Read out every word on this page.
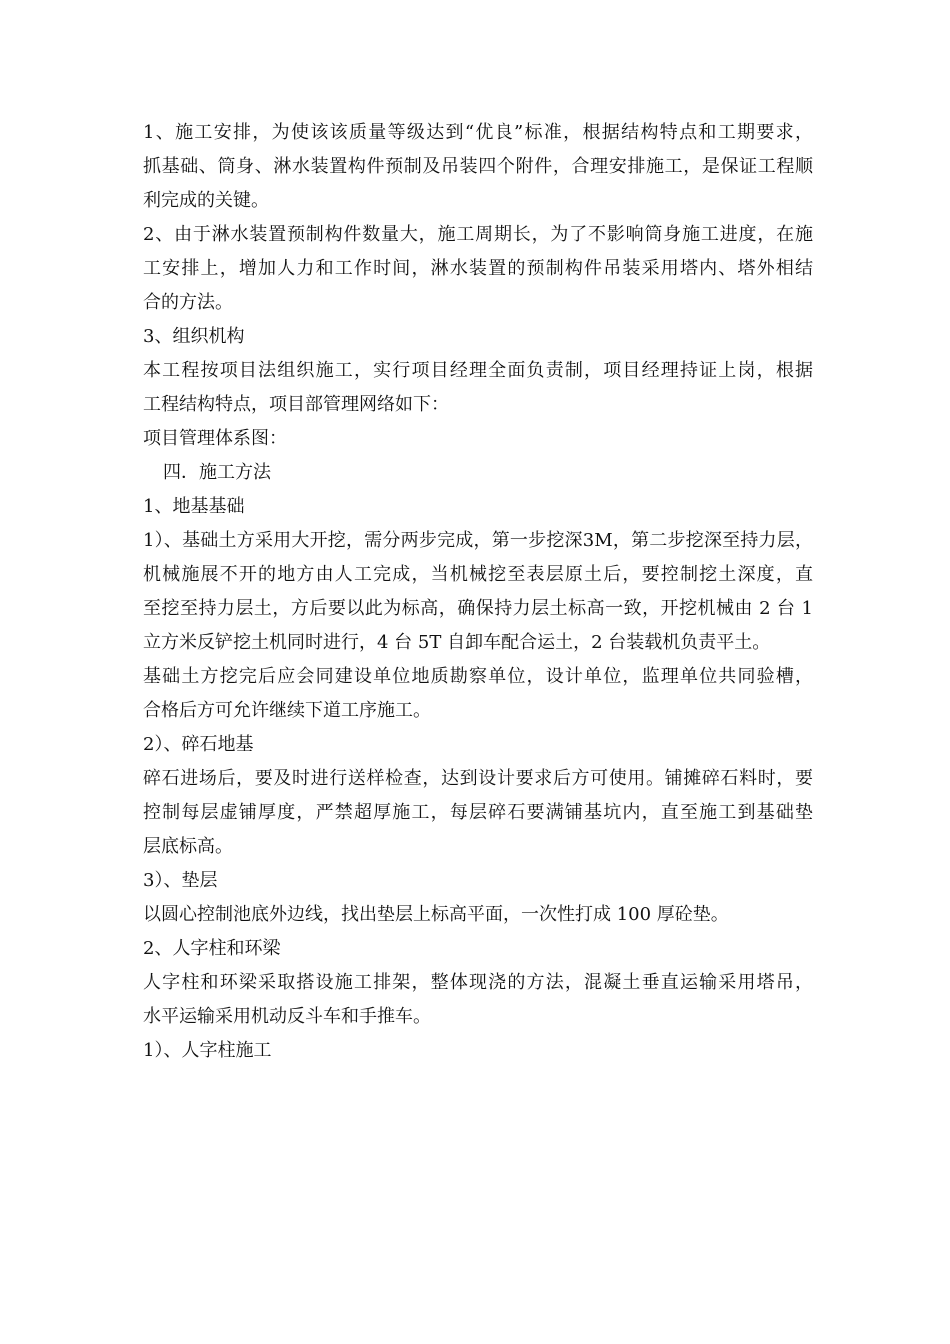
1、施工安排，为使该该质量等级达到“优良”标准，根据结构特点和工期要求，
抓基础、筒身、淋水装置构件预制及吊装四个附件，合理安排施工，是保证工程顺
利完成的关键。
2、由于淋水装置预制构件数量大，施工周期长，为了不影响筒身施工进度，在施
工安排上，增加人力和工作时间，淋水装置的预制构件吊装采用塔内、塔外相结
合的方法。
3、组织机构
本工程按项目法组织施工，实行项目经理全面负责制，项目经理持证上岗，根据
工程结构特点，项目部管理网络如下：
项目管理体系图：
四．施工方法
1、地基基础
1）、基础土方采用大开挖，需分两步完成，第一步挖深3M，第二步挖深至持力层，
机械施展不开的地方由人工完成，当机械挖至表层原土后，要控制挖土深度，直
至挖至持力层土，方后要以此为标高，确保持力层土标高一致，开挖机械由 2 台 1
立方米反铲挖土机同时进行，4 台 5T 自卸车配合运土，2 台装载机负责平土。
基础土方挖完后应会同建设单位地质勘察单位，设计单位，监理单位共同验槽，
合格后方可允许继续下道工序施工。
2）、碎石地基
碎石进场后，要及时进行送样检查，达到设计要求后方可使用。铺摊碎石料时，要
控制每层虚铺厚度，严禁超厚施工，每层碎石要满铺基坑内，直至施工到基础垫
层底标高。
3）、垫层
以圆心控制池底外边线，找出垫层上标高平面，一次性打成 100 厚砼垫。
2、人字柱和环梁
人字柱和环梁采取搭设施工排架，整体现浇的方法，混凝土垂直运输采用塔吊，
水平运输采用机动反斗车和手推车。
1）、人字柱施工
